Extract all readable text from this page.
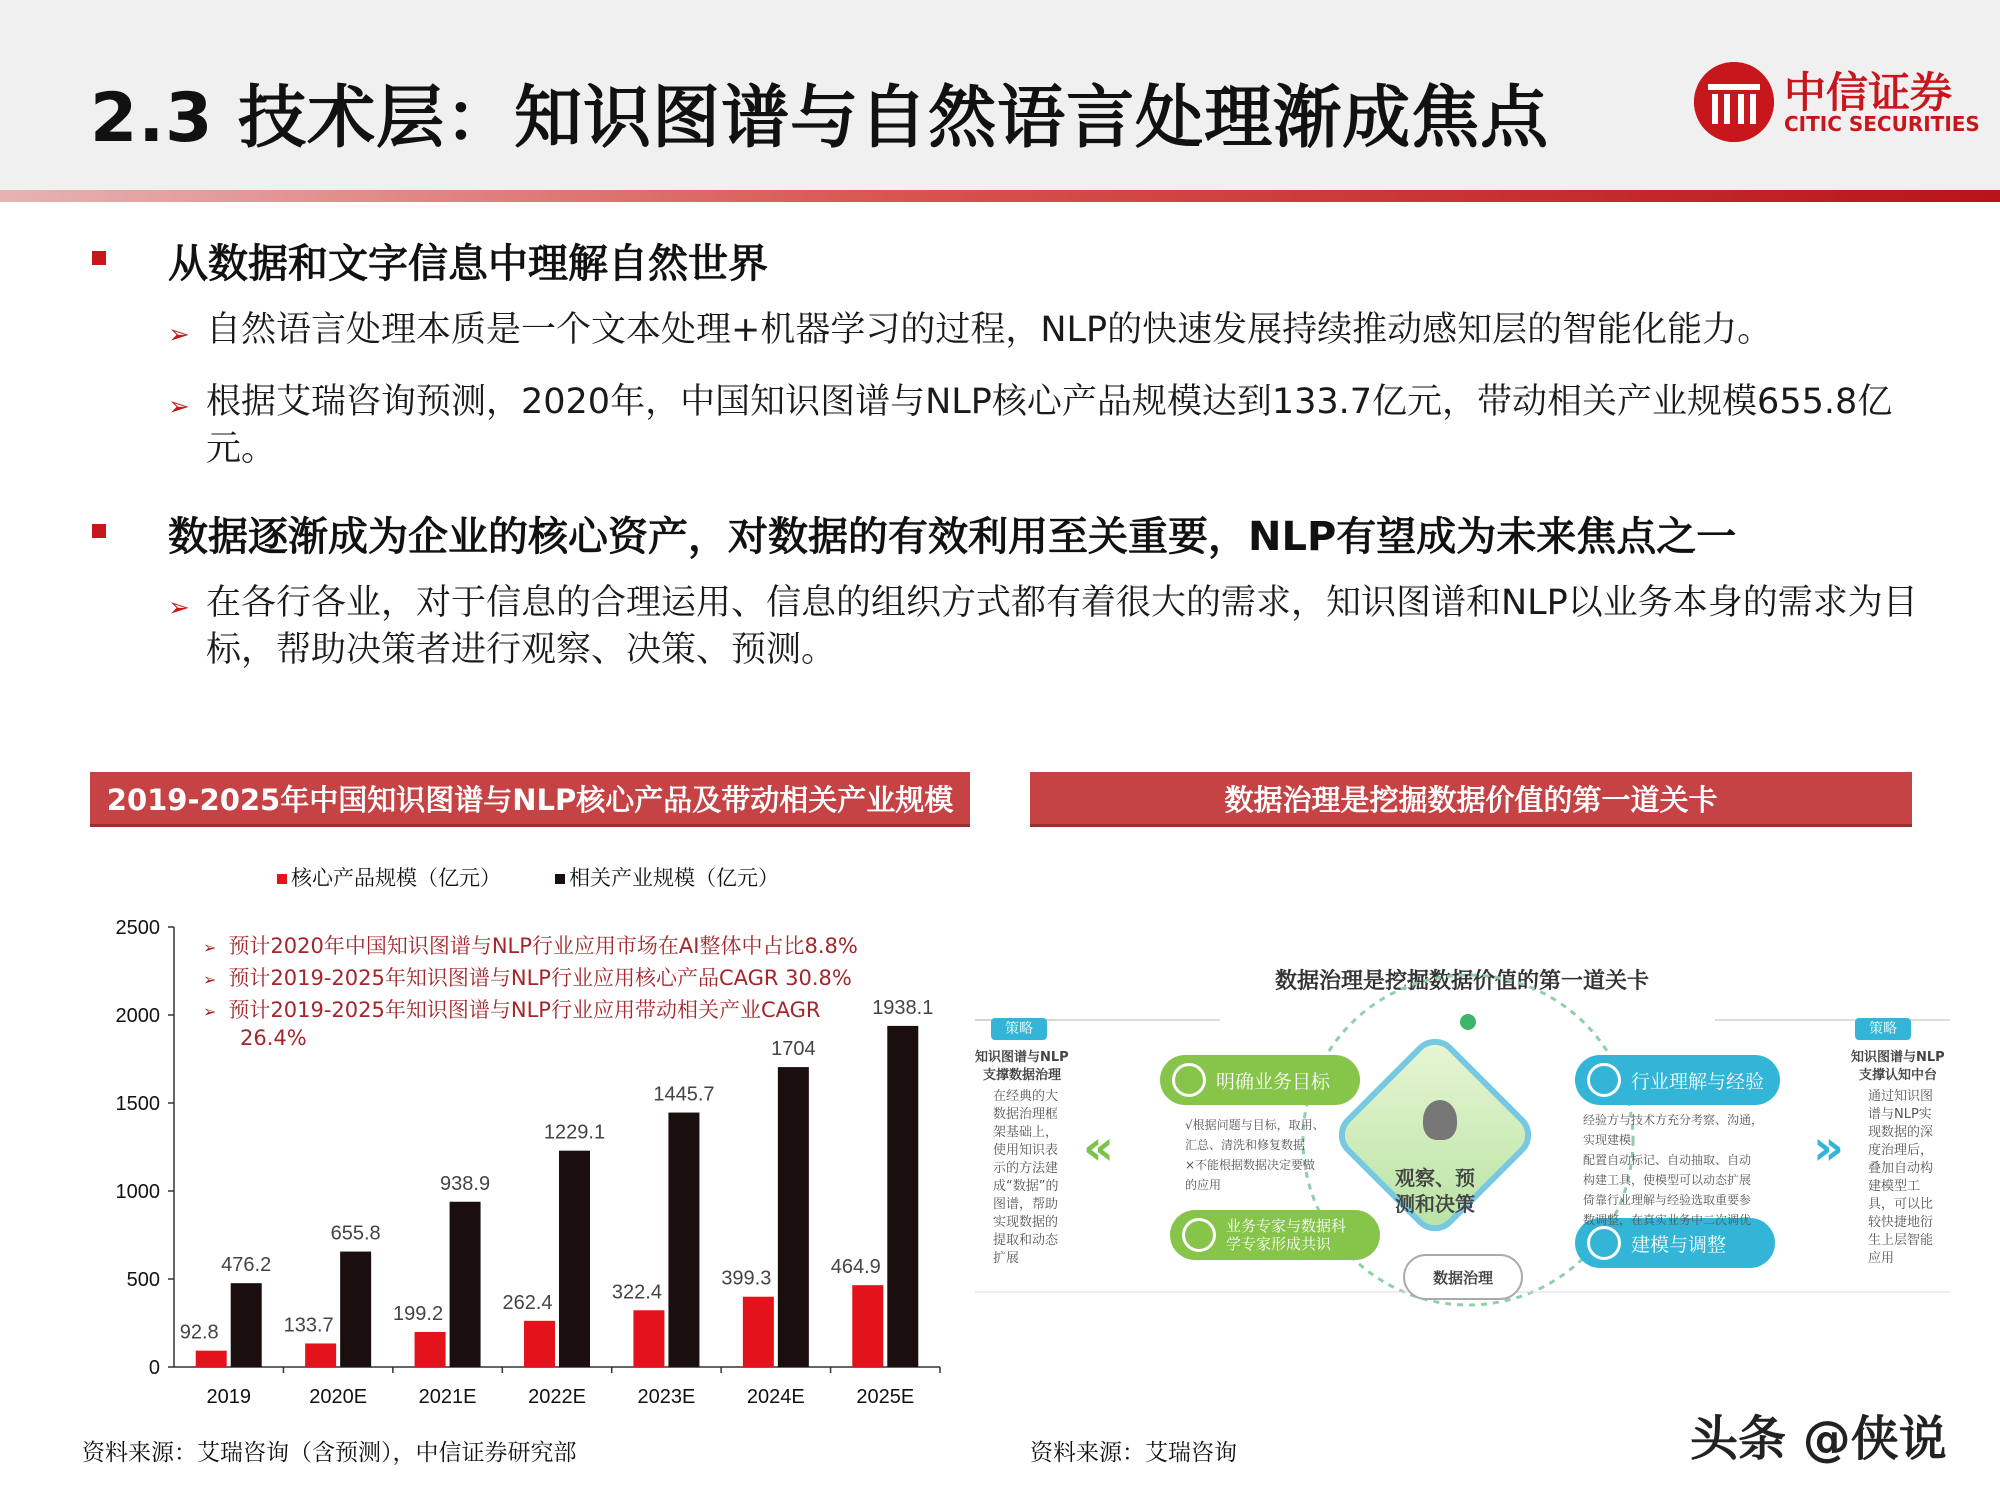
2.3 技术层：知识图谱与自然语言处理渐成焦点	中信证券
CITIC SECURITIES
从数据和文字信息中理解自然世界
➢ 自然语言处理本质是一个文本处理+机器学习的过程，NLP的快速发展持续推动感知层的智能化能力。
➢ 根据艾瑞咨询预测，2020年，中国知识图谱与NLP核心产品规模达到133.7亿元，带动相关产业规模655.8亿元。
数据逐渐成为企业的核心资产，对数据的有效利用至关重要，NLP有望成为未来焦点之一
➢ 在各行各业，对于信息的合理运用、信息的组织方式都有着很大的需求，知识图谱和NLP以业务本身的需求为目标，帮助决策者进行观察、决策、预测。
2019-2025年中国知识图谱与NLP核心产品及带动相关产业规模	数据治理是挖掘数据价值的第一道关卡
核心产品规模（亿元）	相关产业规模（亿元）
0
500
1000
1500
2000
2500
2019
92.8
476.2
2020E
133.7
655.8
2021E
199.2
938.9
2022E
262.4
1229.1
2023E
322.4
1445.7
2024E
399.3
1704
2025E
464.9
1938.1
➢ 预计2020年中国知识图谱与NLP行业应用市场在AI整体中占比8.8%
➢ 预计2019-2025年知识图谱与NLP行业应用核心产品CAGR 30.8%
➢ 预计2019-2025年知识图谱与NLP行业应用带动相关产业CAGR
26.4%
资料来源：艾瑞咨询（含预测），中信证券研究部
数据治理是挖掘数据价值的第一道关卡
策略
知识图谱与NLP
支撑数据治理
在经典的大数据治理框架基础上，使用知识表示的方法建成“数据”的图谱，帮助实现数据的提取和动态扩展
策略
知识图谱与NLP
支撑认知中台
通过知识图谱与NLP实现数据的深度治理后，叠加自动构建模型工具，可以比较快捷地衍生上层智能应用
«	»
明确业务目标
业务专家与数据科
学专家形成共识
行业理解与经验
建模与调整
√根据问题与目标，取用、
汇总、清洗和修复数据
×不能根据数据决定要做
的应用
经验方与技术方充分考察、沟通，
实现建模
配置自动标记、自动抽取、自动
构建工具，使模型可以动态扩展
倚靠行业理解与经验选取重要参
数调整，在真实业务中二次调优
观察、预测和决策
数据治理
资料来源：艾瑞咨询	头条 @侠说
